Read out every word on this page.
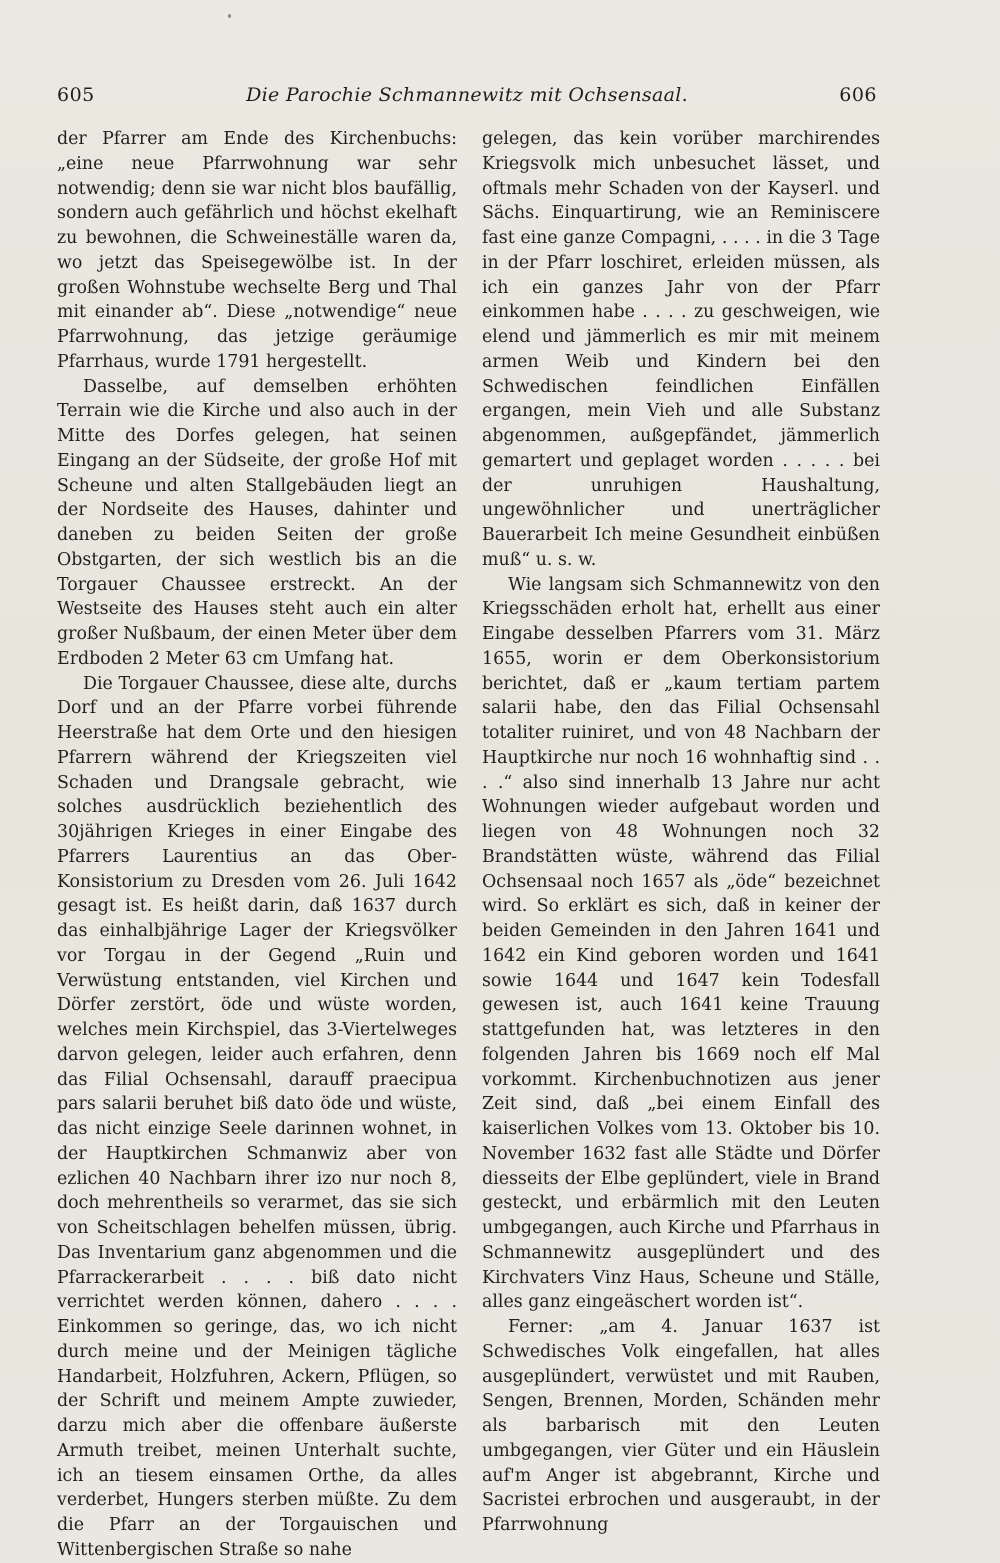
605	Die Parochie Schmannewitz mit Ochsensaal.	606

der Pfarrer am Ende des Kirchenbuchs: „eine neue Pfarrwohnung war sehr notwendig; denn sie war nicht blos baufällig, sondern auch gefährlich und höchst ekelhaft zu bewohnen, die Schweineställe waren da, wo jetzt das Speisegewölbe ist. In der großen Wohnstube wechselte Berg und Thal mit einander ab“. Diese „notwendige“ neue Pfarrwohnung, das jetzige geräumige Pfarrhaus, wurde 1791 hergestellt.

Dasselbe, auf demselben erhöhten Terrain wie die Kirche und also auch in der Mitte des Dorfes gelegen, hat seinen Eingang an der Südseite, der große Hof mit Scheune und alten Stallgebäuden liegt an der Nordseite des Hauses, dahinter und daneben zu beiden Seiten der große Obstgarten, der sich westlich bis an die Torgauer Chaussee erstreckt. An der Westseite des Hauses steht auch ein alter großer Nußbaum, der einen Meter über dem Erdboden 2 Meter 63 cm Umfang hat.

Die Torgauer Chaussee, diese alte, durchs Dorf und an der Pfarre vorbei führende Heerstraße hat dem Orte und den hiesigen Pfarrern während der Kriegszeiten viel Schaden und Drangsale gebracht, wie solches ausdrücklich beziehentlich des 30jährigen Krieges in einer Eingabe des Pfarrers Laurentius an das Ober-Konsistorium zu Dresden vom 26. Juli 1642 gesagt ist. Es heißt darin, daß 1637 durch das einhalbjährige Lager der Kriegsvölker vor Torgau in der Gegend „Ruin und Verwüstung entstanden, viel Kirchen und Dörfer zerstört, öde und wüste worden, welches mein Kirchspiel, das 3-Viertelweges darvon gelegen, leider auch erfahren, denn das Filial Ochsensahl, darauff praecipua pars salarii beruhet biß dato öde und wüste, das nicht einzige Seele darinnen wohnet, in der Hauptkirchen Schmanwiz aber von ezlichen 40 Nachbarn ihrer izo nur noch 8, doch mehrentheils so verarmet, das sie sich von Scheitschlagen behelfen müssen, übrig. Das Inventarium ganz abgenommen und die Pfarrackerarbeit . . . . biß dato nicht verrichtet werden können, dahero . . . . Einkommen so geringe, das, wo ich nicht durch meine und der Meinigen tägliche Handarbeit, Holzfuhren, Ackern, Pflügen, so der Schrift und meinem Ampte zuwieder, darzu mich aber die offenbare äußerste Armuth treibet, meinen Unterhalt suchte, ich an tiesem einsamen Orthe, da alles verderbet, Hungers sterben müßte. Zu dem die Pfarr an der Torgauischen und Wittenbergischen Straße so nahe

gelegen, das kein vorüber marchirendes Kriegsvolk mich unbesuchet lässet, und oftmals mehr Schaden von der Kayserl. und Sächs. Einquartirung, wie an Reminiscere fast eine ganze Compagni, . . . . in die 3 Tage in der Pfarr loschiret, erleiden müssen, als ich ein ganzes Jahr von der Pfarr einkommen habe . . . . zu geschweigen, wie elend und jämmerlich es mir mit meinem armen Weib und Kindern bei den Schwedischen feindlichen Einfällen ergangen, mein Vieh und alle Substanz abgenommen, außgepfändet, jämmerlich gemartert und geplaget worden . . . . . bei der unruhigen Haushaltung, ungewöhnlicher und unerträglicher Bauerarbeit Ich meine Gesundheit einbüßen muß“ u. s. w.

Wie langsam sich Schmannewitz von den Kriegsschäden erholt hat, erhellt aus einer Eingabe desselben Pfarrers vom 31. März 1655, worin er dem Oberkonsistorium berichtet, daß er „kaum tertiam partem salarii habe, den das Filial Ochsensahl totaliter ruiniret, und von 48 Nachbarn der Hauptkirche nur noch 16 wohnhaftig sind . . . .“ also sind innerhalb 13 Jahre nur acht Wohnungen wieder aufgebaut worden und liegen von 48 Wohnungen noch 32 Brandstätten wüste, während das Filial Ochsensaal noch 1657 als „öde“ bezeichnet wird. So erklärt es sich, daß in keiner der beiden Gemeinden in den Jahren 1641 und 1642 ein Kind geboren worden und 1641 sowie 1644 und 1647 kein Todesfall gewesen ist, auch 1641 keine Trauung stattgefunden hat, was letzteres in den folgenden Jahren bis 1669 noch elf Mal vorkommt. Kirchenbuchnotizen aus jener Zeit sind, daß „bei einem Einfall des kaiserlichen Volkes vom 13. Oktober bis 10. November 1632 fast alle Städte und Dörfer diesseits der Elbe geplündert, viele in Brand gesteckt, und erbärmlich mit den Leuten umbgegangen, auch Kirche und Pfarrhaus in Schmannewitz ausgeplündert und des Kirchvaters Vinz Haus, Scheune und Ställe, alles ganz eingeäschert worden ist“.

Ferner: „am 4. Januar 1637 ist Schwedisches Volk eingefallen, hat alles ausgeplündert, verwüstet und mit Rauben, Sengen, Brennen, Morden, Schänden mehr als barbarisch mit den Leuten umbgegangen, vier Güter und ein Häuslein auf'm Anger ist abgebrannt, Kirche und Sacristei erbrochen und ausgeraubt, in der Pfarrwohnung
